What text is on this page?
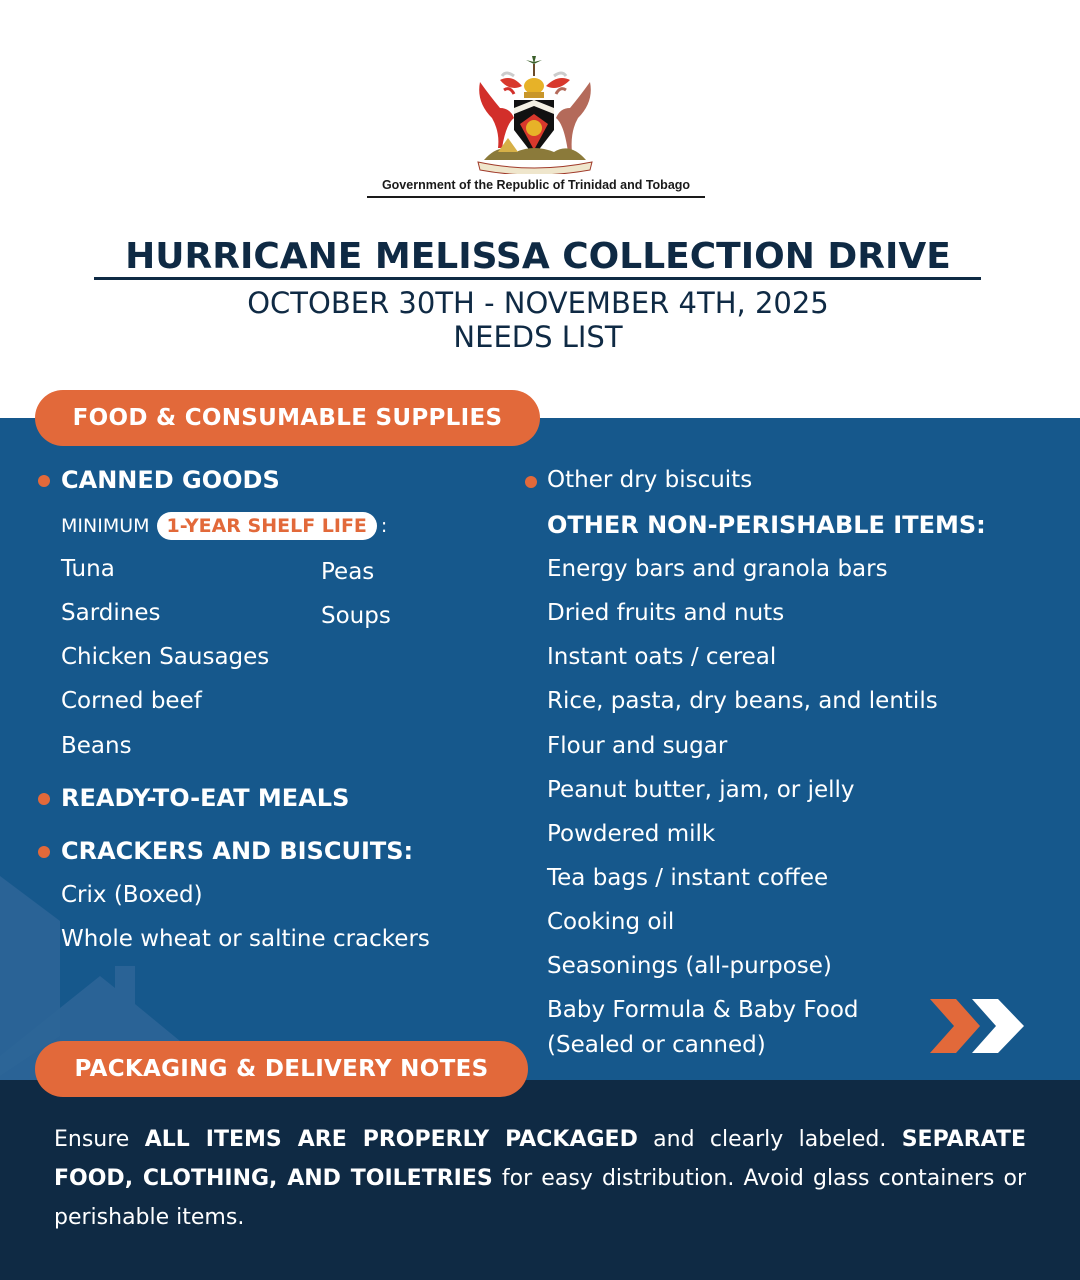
Government of the Republic of Trinidad and Tobago
HURRICANE MELISSA COLLECTION DRIVE
OCTOBER 30TH - NOVEMBER 4TH, 2025
NEEDS LIST
FOOD & CONSUMABLE SUPPLIES
CANNED GOODS
MINIMUM 1-YEAR SHELF LIFE :
Tuna
Sardines
Chicken Sausages
Corned beef
Beans
Peas
Soups
READY-TO-EAT MEALS
CRACKERS AND BISCUITS:
Crix (Boxed)
Whole wheat or saltine crackers
Other dry biscuits
OTHER NON-PERISHABLE ITEMS:
Energy bars and granola bars
Dried fruits and nuts
Instant oats / cereal
Rice, pasta, dry beans, and lentils
Flour and sugar
Peanut butter, jam, or jelly
Powdered milk
Tea bags / instant coffee
Cooking oil
Seasonings (all-purpose)
Baby Formula & Baby Food
(Sealed or canned)
PACKAGING & DELIVERY NOTES
Ensure ALL ITEMS ARE PROPERLY PACKAGED and clearly labeled. SEPARATE FOOD, CLOTHING, AND TOILETRIES for easy distribution. Avoid glass containers or perishable items.
